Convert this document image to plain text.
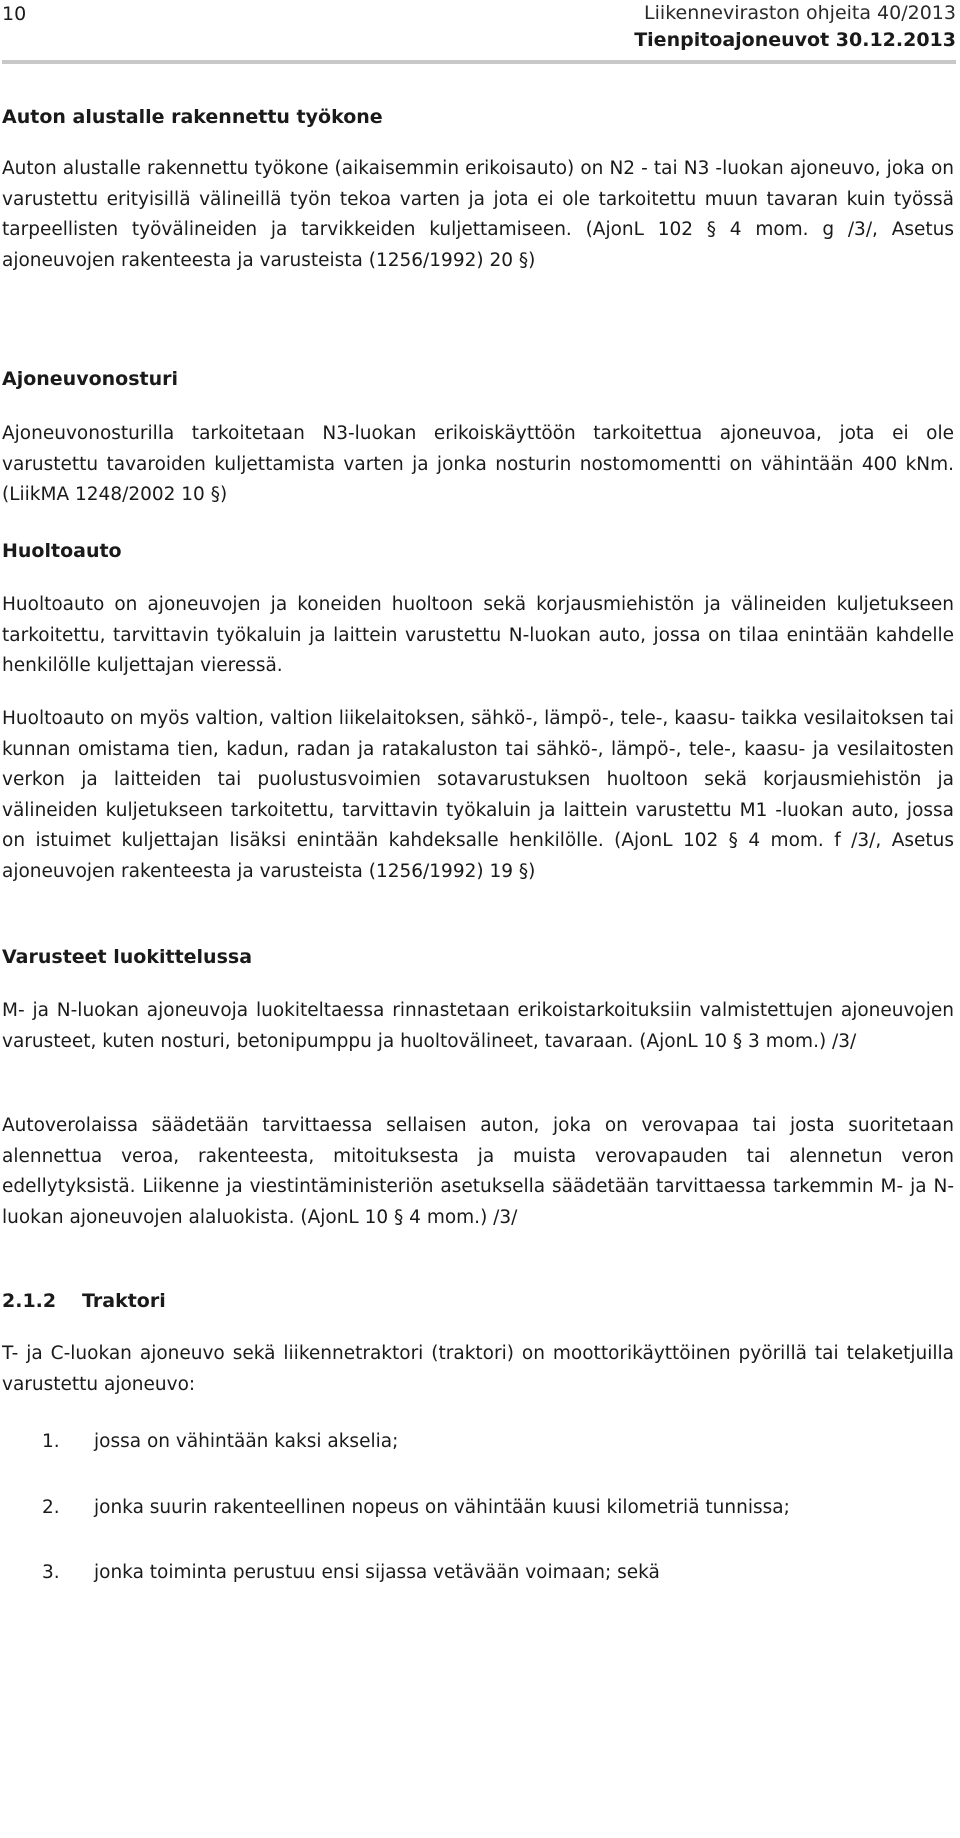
10	Liikenneviraston ohjeita 40/2013
Tienpitoajoneuvot 30.12.2013
Auton alustalle rakennettu työkone

Auton alustalle rakennettu työkone (aikaisemmin erikoisauto) on N2 - tai N3 -luokan ajoneuvo, joka on varustettu erityisillä välineillä työn tekoa varten ja jota ei ole tarkoitettu muun tavaran kuin työssä tarpeellisten työvälineiden ja tarvikkeiden kuljettamiseen. (AjonL 102 § 4 mom. g /3/, Asetus ajoneuvojen rakenteesta ja varusteista (1256/1992) 20 §)

Ajoneuvonosturi

Ajoneuvonosturilla tarkoitetaan N3-luokan erikoiskäyttöön tarkoitettua ajoneuvoa, jota ei ole varustettu tavaroiden kuljettamista varten ja jonka nosturin nostomomentti on vähintään 400 kNm. (LiikMA 1248/2002 10 §)

Huoltoauto

Huoltoauto on ajoneuvojen ja koneiden huoltoon sekä korjausmiehistön ja välineiden kuljetukseen tarkoitettu, tarvittavin työkaluin ja laittein varustettu N-luokan auto, jossa on tilaa enintään kahdelle henkilölle kuljettajan vieressä.

Huoltoauto on myös valtion, valtion liikelaitoksen, sähkö-, lämpö-, tele-, kaasu- taikka vesilaitoksen tai kunnan omistama tien, kadun, radan ja ratakaluston tai sähkö-, lämpö-, tele-, kaasu- ja vesilaitosten verkon ja laitteiden tai puolustusvoimien sotavarustuksen huoltoon sekä korjausmiehistön ja välineiden kuljetukseen tarkoitettu, tarvittavin työkaluin ja laittein varustettu M1 -luokan auto, jossa on istuimet kuljettajan lisäksi enintään kahdeksalle henkilölle. (AjonL 102 § 4 mom. f /3/, Asetus ajoneuvojen rakenteesta ja varusteista (1256/1992) 19 §)

Varusteet luokittelussa

M- ja N-luokan ajoneuvoja luokiteltaessa rinnastetaan erikoistarkoituksiin valmistettujen ajoneuvojen varusteet, kuten nosturi, betonipumppu ja huoltovälineet, tavaraan. (AjonL 10 § 3 mom.) /3/

Autoverolaissa säädetään tarvittaessa sellaisen auton, joka on verovapaa tai josta suoritetaan alennettua veroa, rakenteesta, mitoituksesta ja muista verovapauden tai alennetun veron edellytyksistä. Liikenne ja viestintäministeriön asetuksella säädetään tarvittaessa tarkemmin M- ja N-luokan ajoneuvojen alaluokista. (AjonL 10 § 4 mom.) /3/

2.1.2 Traktori

T- ja C-luokan ajoneuvo sekä liikennetraktori (traktori) on moottorikäyttöinen pyörillä tai telaketjuilla varustettu ajoneuvo:

1. jossa on vähintään kaksi akselia;
2. jonka suurin rakenteellinen nopeus on vähintään kuusi kilometriä tunnissa;
3. jonka toiminta perustuu ensi sijassa vetävään voimaan; sekä
